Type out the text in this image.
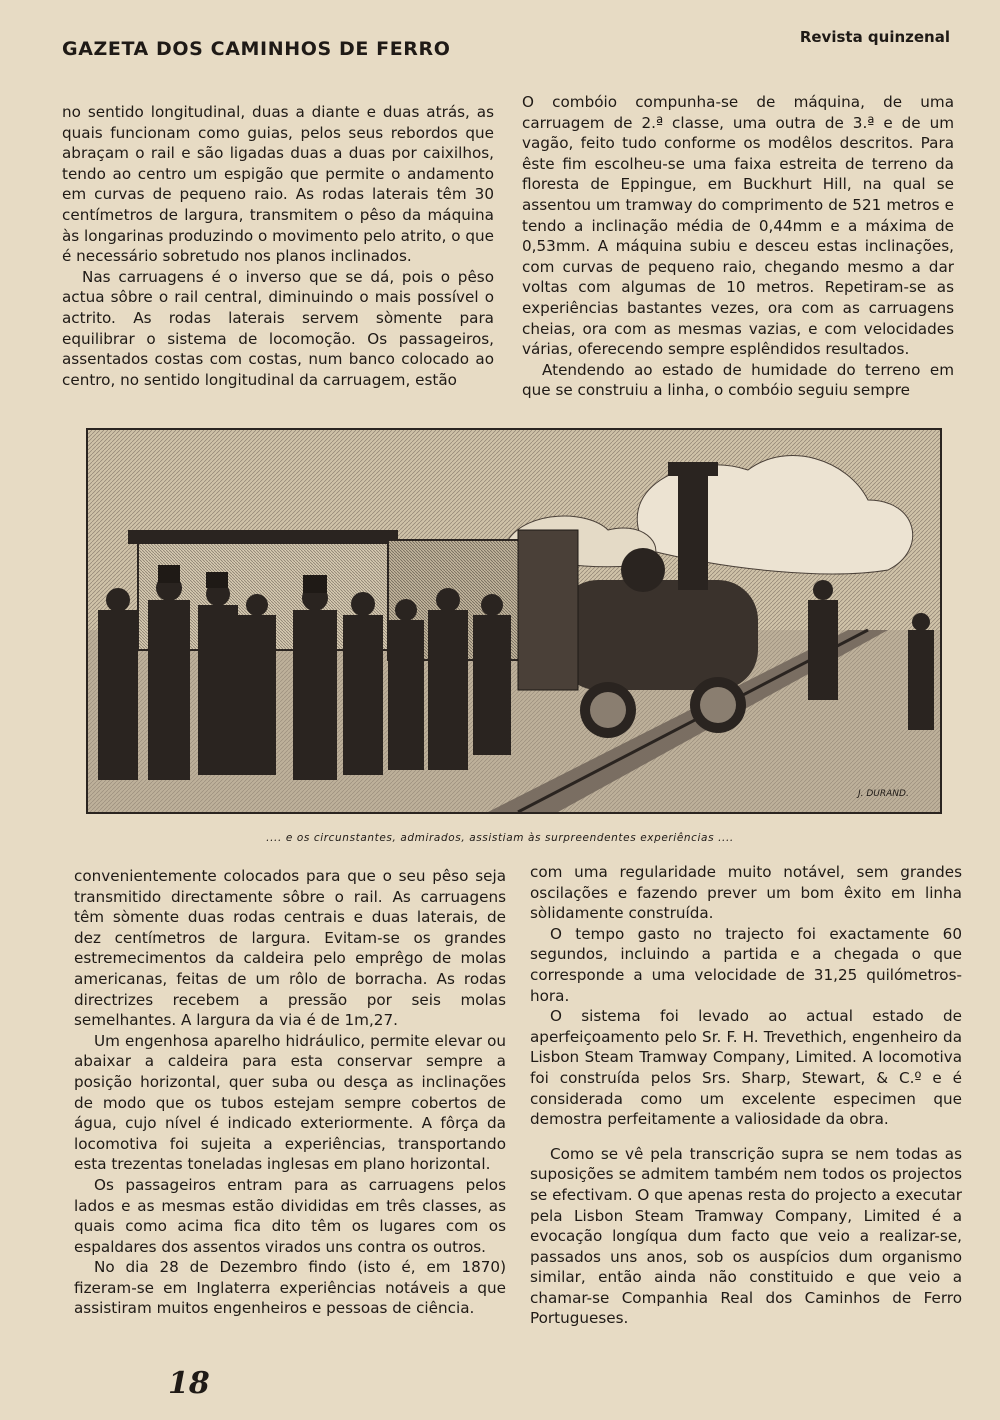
GAZETA DOS CAMINHOS DE FERRO
Revista quinzenal

no sentido longitudinal, duas a diante e duas atrás, as quais funcionam como guias, pelos seus rebordos que abraçam o rail e são ligadas duas a duas por caixilhos, tendo ao centro um espigão que permite o andamento em curvas de pequeno raio. As rodas laterais têm 30 centímetros de largura, transmitem o pêso da máquina às longarinas produzindo o movimento pelo atrito, o que é necessário sobretudo nos planos inclinados.

Nas carruagens é o inverso que se dá, pois o pêso actua sôbre o rail central, diminuindo o mais possível o actrito. As rodas laterais servem sòmente para equilibrar o sistema de locomoção. Os passageiros, assentados costas com costas, num banco colocado ao centro, no sentido longitudinal da carruagem, estão

O combóio compunha-se de máquina, de uma carruagem de 2.ª classe, uma outra de 3.ª e de um vagão, feito tudo conforme os modêlos descritos. Para êste fim escolheu-se uma faixa estreita de terreno da floresta de Eppingue, em Buckhurt Hill, na qual se assentou um tramway do comprimento de 521 metros e tendo a inclinação média de 0,44mm e a máxima de 0,53mm. A máquina subiu e desceu estas inclinações, com curvas de pequeno raio, chegando mesmo a dar voltas com algumas de 10 metros. Repetiram-se as experiências bastantes vezes, ora com as carruagens cheias, ora com as mesmas vazias, e com velocidades várias, oferecendo sempre esplêndidos resultados.

Atendendo ao estado de humidade do terreno em que se construiu a linha, o combóio seguiu sempre

J. DURAND.
.... e os circunstantes, admirados, assistiam às surpreendentes experiências ....

convenientemente colocados para que o seu pêso seja transmitido directamente sôbre o rail. As carruagens têm sòmente duas rodas centrais e duas laterais, de dez centímetros de largura. Evitam-se os grandes estremecimentos da caldeira pelo emprêgo de molas americanas, feitas de um rôlo de borracha. As rodas directrizes recebem a pressão por seis molas semelhantes. A largura da via é de 1m,27.

Um engenhosa aparelho hidráulico, permite elevar ou abaixar a caldeira para esta conservar sempre a posição horizontal, quer suba ou desça as inclinações de modo que os tubos estejam sempre cobertos de água, cujo nível é indicado exteriormente. A fôrça da locomotiva foi sujeita a experiências, transportando esta trezentas toneladas inglesas em plano horizontal.

Os passageiros entram para as carruagens pelos lados e as mesmas estão divididas em três classes, as quais como acima fica dito têm os lugares com os espaldares dos assentos virados uns contra os outros.

No dia 28 de Dezembro findo (isto é, em 1870) fizeram-se em Inglaterra experiências notáveis a que assistiram muitos engenheiros e pessoas de ciência.

com uma regularidade muito notável, sem grandes oscilações e fazendo prever um bom êxito em linha sòlidamente construída.

O tempo gasto no trajecto foi exactamente 60 segundos, incluindo a partida e a chegada o que corresponde a uma velocidade de 31,25 quilómetros-hora.

O sistema foi levado ao actual estado de aperfeiçoamento pelo Sr. F. H. Trevethich, engenheiro da Lisbon Steam Tramway Company, Limited. A locomotiva foi construída pelos Srs. Sharp, Stewart, & C.º e é considerada como um excelente especimen que demostra perfeitamente a valiosidade da obra.

Como se vê pela transcrição supra se nem todas as suposições se admitem também nem todos os projectos se efectivam. O que apenas resta do projecto a executar pela Lisbon Steam Tramway Company, Limited é a evocação longíqua dum facto que veio a realizar-se, passados uns anos, sob os auspícios dum organismo similar, então ainda não constituido e que veio a chamar-se Companhia Real dos Caminhos de Ferro Portugueses.

18
